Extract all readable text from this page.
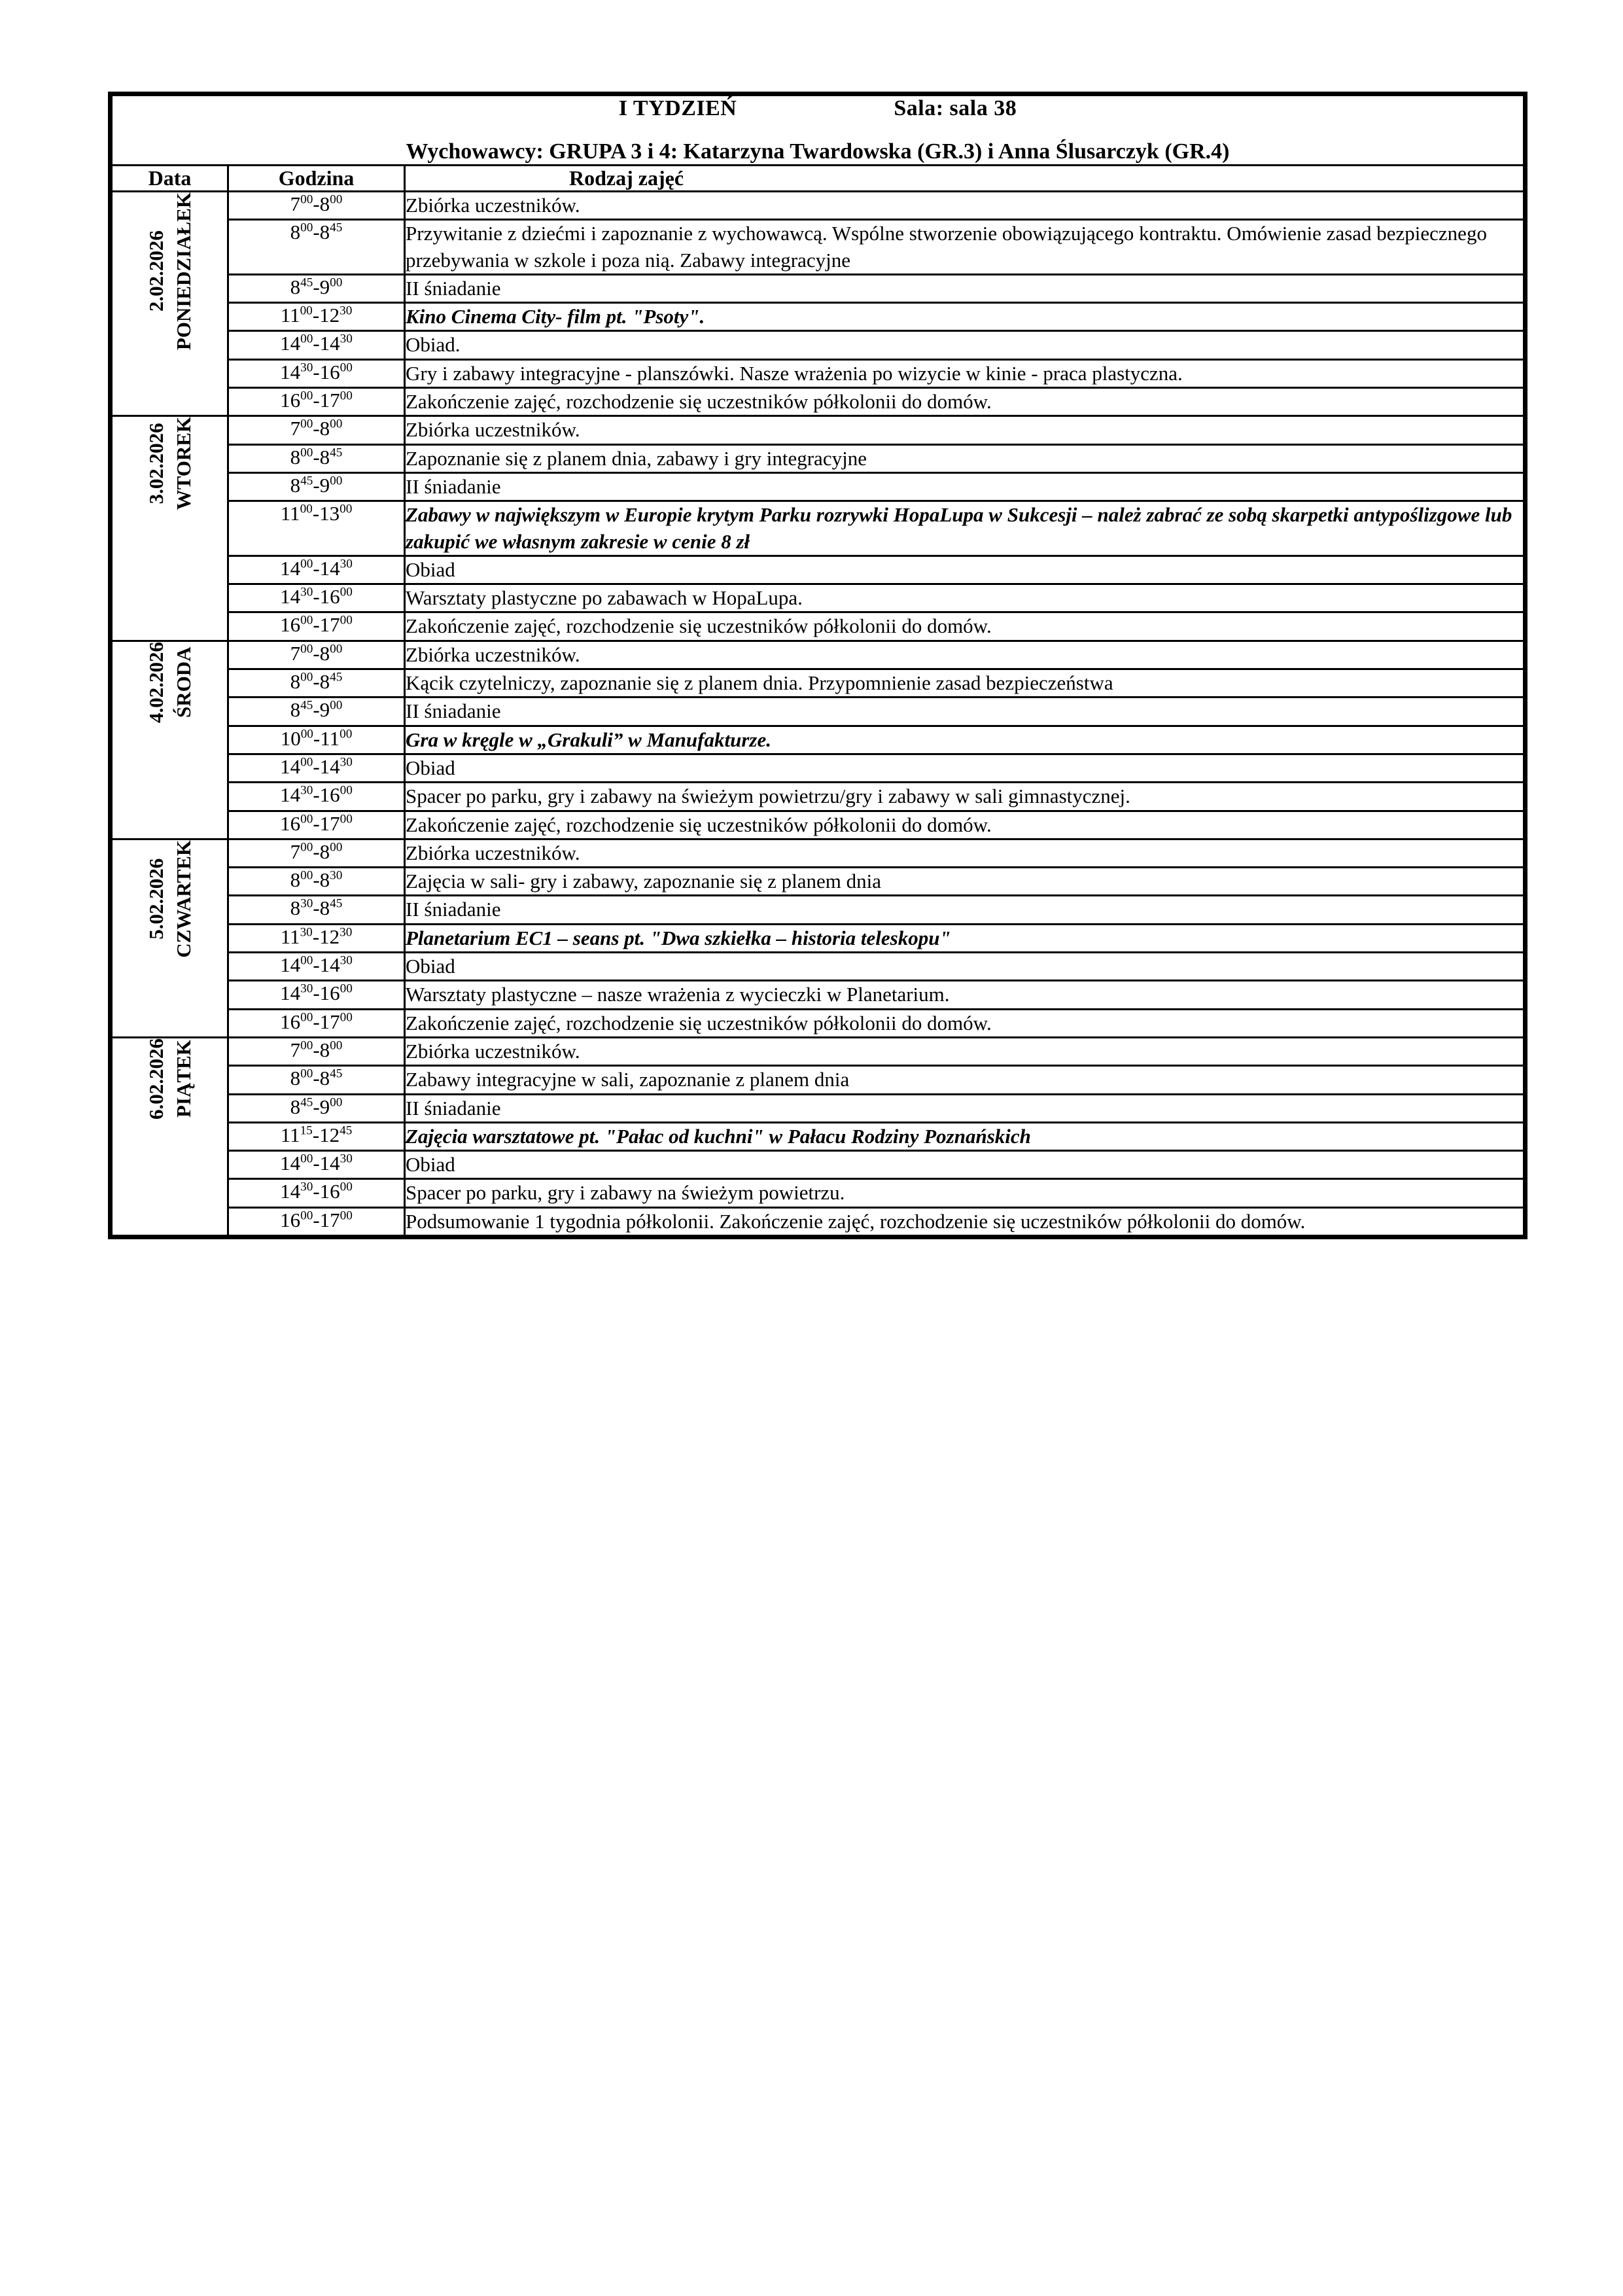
I TYDZIEŃ Sala: sala 38
Wychowawcy: GRUPA 3 i 4: Katarzyna Twardowska (GR.3) i Anna Ślusarczyk (GR.4)		

Data	Godzina	Rodzaj zajęć

2.02.2026 PONIEDZIAŁEK	$7^{00}-8^{00}$	Zbiórka uczestników.
	$8^{00}-8^{45}$	Przywitanie z dziećmi i zapoznanie z wychowawcą. Wspólne stworzenie obowiązującego kontraktu. Omówienie zasad bezpiecznego przebywania w szkole i poza nią. Zabawy integracyjne
	$8^{45}-9^{00}$	II śniadanie
	$11^{00}-12^{30}$	Kino Cinema City- film pt. "Psoty".
	$14^{00}-14^{30}$	Obiad.
	$14^{30}-16^{00}$	Gry i zabawy integracyjne - planszówki. Nasze wrażenia po wizycie w kinie - praca plastyczna.
	$16^{00}-17^{00}$	Zakończenie zajęć, rozchodzenie się uczestników półkolonii do domów.

3.02.2026 WTOREK	$7^{00}-8^{00}$	Zbiórka uczestników.
	$8^{00}-8^{45}$	Zapoznanie się z planem dnia, zabawy i gry integracyjne
	$8^{45}-9^{00}$	II śniadanie
	$11^{00}-13^{00}$	Zabawy w największym w Europie krytym Parku rozrywki HopaLupa w Sukcesji – należ zabrać ze sobą skarpetki antypoślizgowe lub zakupić we własnym zakresie w cenie 8 zł
	$14^{00}-14^{30}$	Obiad
	$14^{30}-16^{00}$	Warsztaty plastyczne po zabawach w HopaLupa.
	$16^{00}-17^{00}$	Zakończenie zajęć, rozchodzenie się uczestników półkolonii do domów.

4.02.2026 ŚRODA	$7^{00}-8^{00}$	Zbiórka uczestników.
	$8^{00}-8^{45}$	Kącik czytelniczy, zapoznanie się z planem dnia. Przypomnienie zasad bezpieczeństwa
	$8^{45}-9^{00}$	II śniadanie
	$10^{00}-11^{00}$	Gra w kręgle w „Grakuli” w Manufakturze.
	$14^{00}-14^{30}$	Obiad
	$14^{30}-16^{00}$	Spacer po parku, gry i zabawy na świeżym powietrzu/gry i zabawy w sali gimnastycznej.
	$16^{00}-17^{00}$	Zakończenie zajęć, rozchodzenie się uczestników półkolonii do domów.

5.02.2026 CZWARTEK	$7^{00}-8^{00}$	Zbiórka uczestników.
	$8^{00}-8^{30}$	Zajęcia w sali- gry i zabawy, zapoznanie się z planem dnia
	$8^{30}-8^{45}$	II śniadanie
	$11^{30}-12^{30}$	Planetarium EC1 – seans pt. "Dwa szkiełka – historia teleskopu"
	$14^{00}-14^{30}$	Obiad
	$14^{30}-16^{00}$	Warsztaty plastyczne – nasze wrażenia z wycieczki w Planetarium.
	$16^{00}-17^{00}$	Zakończenie zajęć, rozchodzenie się uczestników półkolonii do domów.

6.02.2026 PIĄTEK	$7^{00}-8^{00}$	Zbiórka uczestników.
	$8^{00}-8^{45}$	Zabawy integracyjne w sali, zapoznanie z planem dnia
	$8^{45}-9^{00}$	II śniadanie
	$11^{15}-12^{45}$	Zajęcia warsztatowe pt. "Pałac od kuchni" w Pałacu Rodziny Poznańskich
	$14^{00}-14^{30}$	Obiad
	$14^{30}-16^{00}$	Spacer po parku, gry i zabawy na świeżym powietrzu.
	$16^{00}-17^{00}$	Podsumowanie 1 tygodnia półkolonii. Zakończenie zajęć, rozchodzenie się uczestników półkolonii do domów.
